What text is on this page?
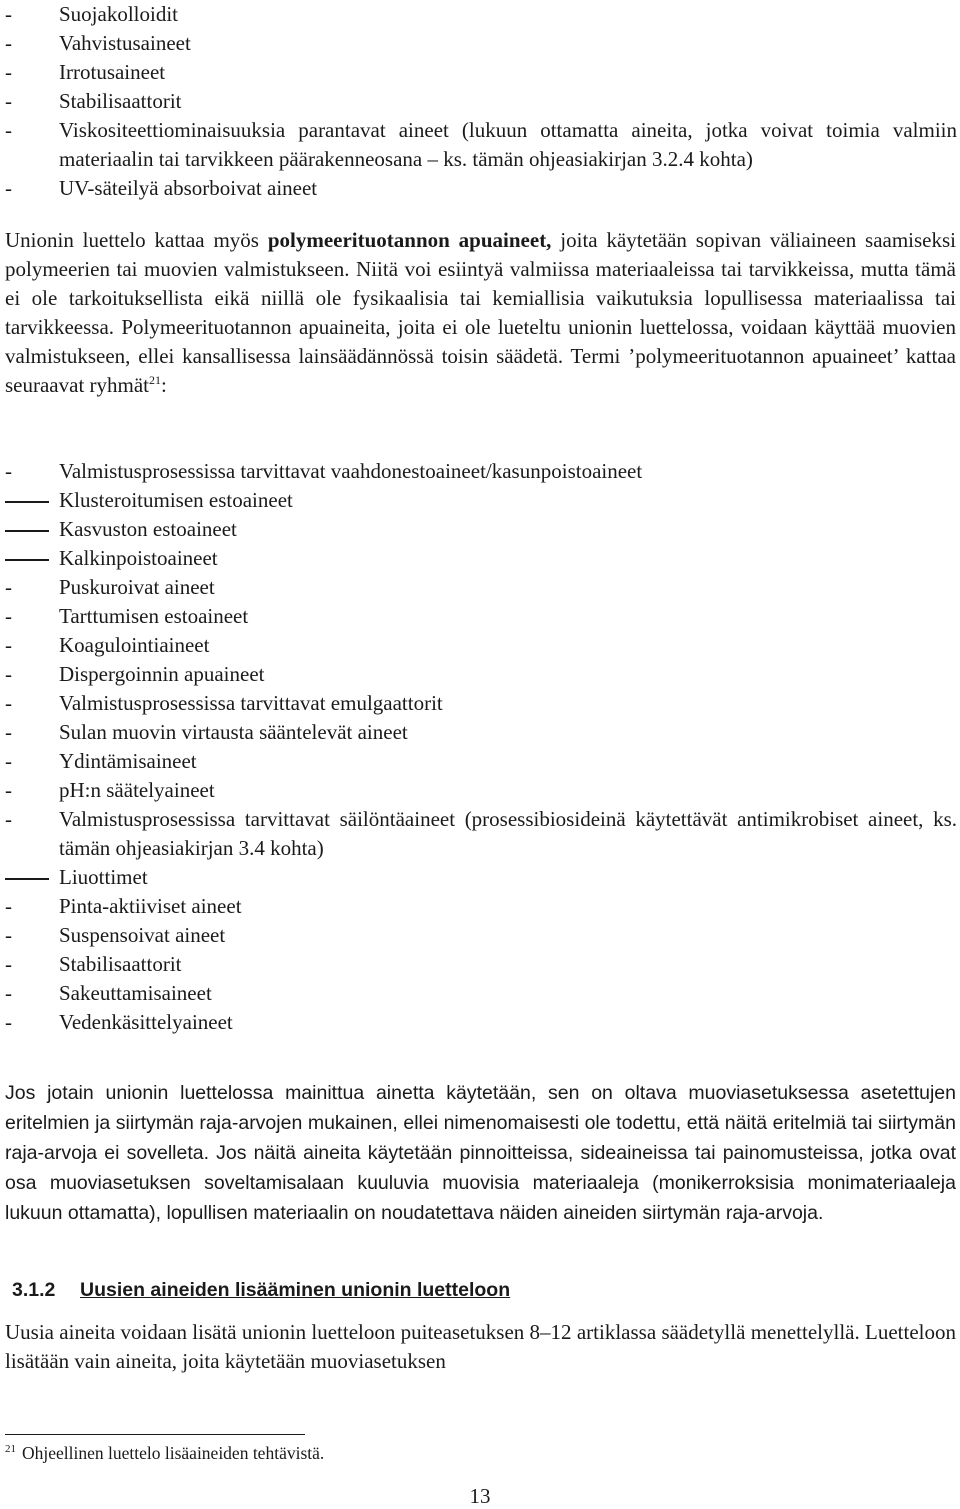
-	Suojakolloidit
-	Vahvistusaineet
-	Irrotusaineet
-	Stabilisaattorit
-	Viskositeettiominaisuuksia parantavat aineet (lukuun ottamatta aineita, jotka voivat toimia valmiin materiaalin tai tarvikkeen päärakenneosana – ks. tämän ohjeasiakirjan 3.2.4 kohta)
-	UV-säteilyä absorboivat aineet

Unionin luettelo kattaa myös polymeerituotannon apuaineet, joita käytetään sopivan väliaineen saamiseksi polymeerien tai muovien valmistukseen. Niitä voi esiintyä valmiissa materiaaleissa tai tarvikkeissa, mutta tämä ei ole tarkoituksellista eikä niillä ole fysikaalisia tai kemiallisia vaikutuksia lopullisessa materiaalissa tai tarvikkeessa. Polymeerituotannon apuaineita, joita ei ole lueteltu unionin luettelossa, voidaan käyttää muovien valmistukseen, ellei kansallisessa lainsäädännössä toisin säädetä. Termi ’polymeerituotannon apuaineet’ kattaa seuraavat ryhmät$^{21}$:

-	Valmistusprosessissa tarvittavat vaahdonestoaineet/kasunpoistoaineet
Klusteroitumisen estoaineet
Kasvuston estoaineet
Kalkinpoistoaineet
-	Puskuroivat aineet
-	Tarttumisen estoaineet
-	Koagulointiaineet
-	Dispergoinnin apuaineet
-	Valmistusprosessissa tarvittavat emulgaattorit
-	Sulan muovin virtausta sääntelevät aineet
-	Ydintämisaineet
-	pH:n säätelyaineet
-	Valmistusprosessissa tarvittavat säilöntäaineet (prosessibiosideinä käytettävät antimikrobiset aineet, ks. tämän ohjeasiakirjan 3.4 kohta)
Liuottimet
-	Pinta-aktiiviset aineet
-	Suspensoivat aineet
-	Stabilisaattorit
-	Sakeuttamisaineet
-	Vedenkäsittelyaineet

Jos jotain unionin luettelossa mainittua ainetta käytetään, sen on oltava muoviasetuksessa asetettujen eritelmien ja siirtymän raja-arvojen mukainen, ellei nimenomaisesti ole todettu, että näitä eritelmiä tai siirtymän raja-arvoja ei sovelleta. Jos näitä aineita käytetään pinnoitteissa, sideaineissa tai painomusteissa, jotka ovat osa muoviasetuksen soveltamisalaan kuuluvia muovisia materiaaleja (monikerroksisia monimateriaaleja lukuun ottamatta), lopullisen materiaalin on noudatettava näiden aineiden siirtymän raja-arvoja.

3.1.2 Uusien aineiden lisääminen unionin luetteloon

Uusia aineita voidaan lisätä unionin luetteloon puiteasetuksen 8–12 artiklassa säädetyllä menettelyllä. Luetteloon lisätään vain aineita, joita käytetään muoviasetuksen

$^{21}$ Ohjeellinen luettelo lisäaineiden tehtävistä.
13
